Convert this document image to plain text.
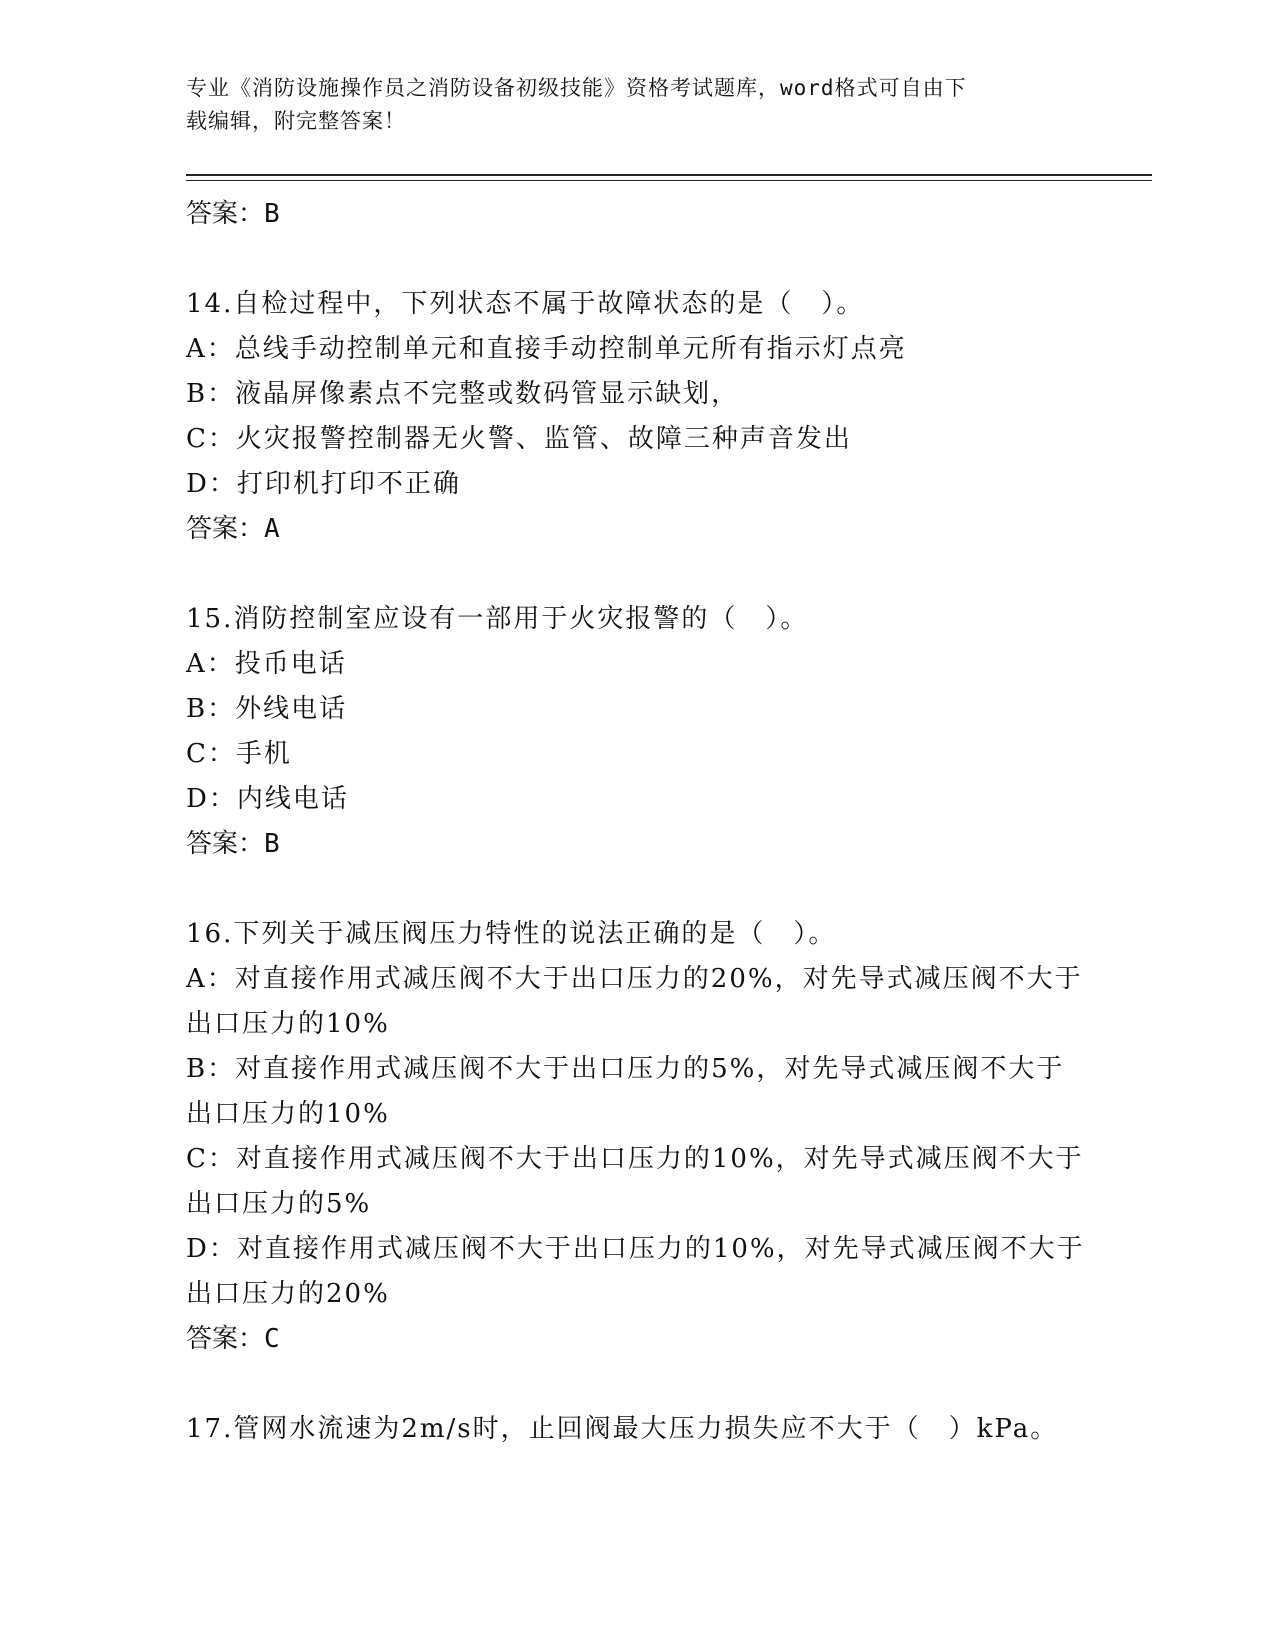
专业《消防设施操作员之消防设备初级技能》资格考试题库，word格式可自由下
载编辑，附完整答案！
答案：B
14.自检过程中，下列状态不属于故障状态的是（　）。
A：总线手动控制单元和直接手动控制单元所有指示灯点亮
B：液晶屏像素点不完整或数码管显示缺划，
C：火灾报警控制器无火警、监管、故障三种声音发出
D：打印机打印不正确
答案：A
15.消防控制室应设有一部用于火灾报警的（　）。
A：投币电话
B：外线电话
C：手机
D：内线电话
答案：B
16.下列关于减压阀压力特性的说法正确的是（　）。
A：对直接作用式减压阀不大于出口压力的20%，对先导式减压阀不大于出口压力的10%
B：对直接作用式减压阀不大于出口压力的5%，对先导式减压阀不大于出口压力的10%
C：对直接作用式减压阀不大于出口压力的10%，对先导式减压阀不大于出口压力的5%
D：对直接作用式减压阀不大于出口压力的10%，对先导式减压阀不大于出口压力的20%
答案：C
17.管网水流速为2m/s时，止回阀最大压力损失应不大于（　）kPa。
